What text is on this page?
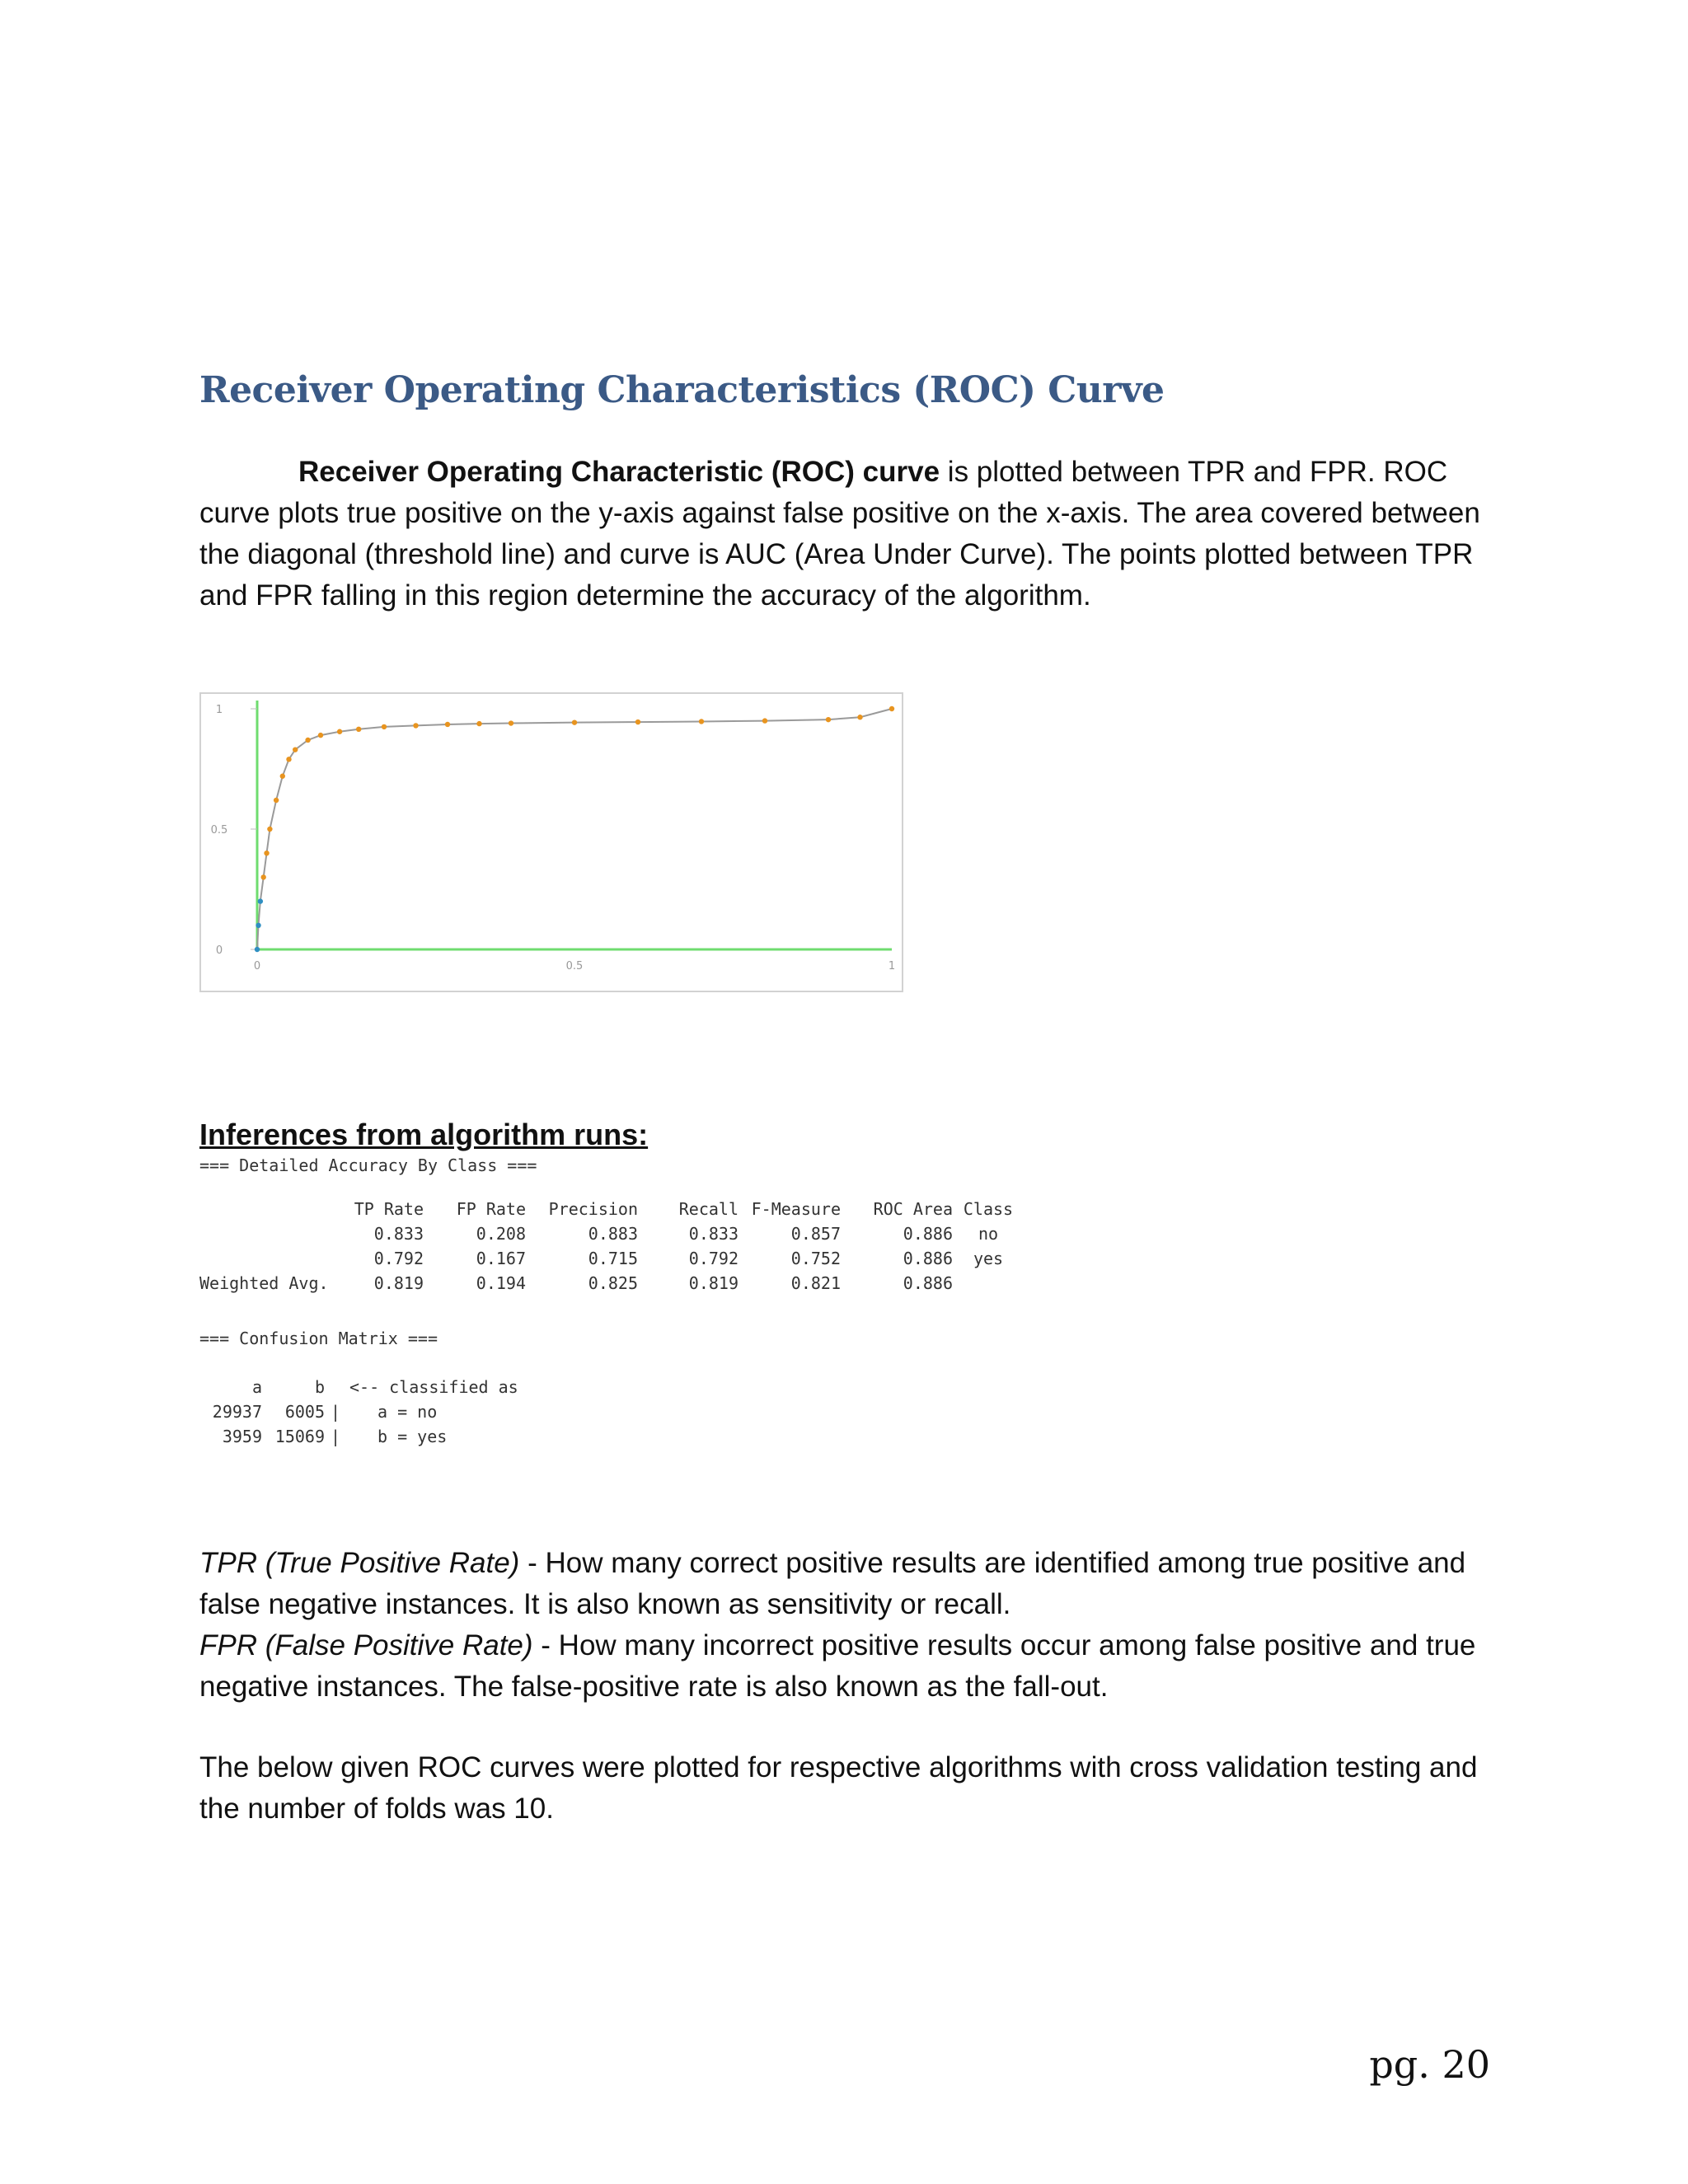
Receiver Operating Characteristics (ROC) Curve

Receiver Operating Characteristic (ROC) curve is plotted between TPR and FPR. ROC curve plots true positive on the y-axis against false positive on the x-axis. The area covered between the diagonal (threshold line) and curve is AUC (Area Under Curve). The points plotted between TPR and FPR falling in this region determine the accuracy of the algorithm.

0	0.5	1
0
0.5
1
Inferences from algorithm runs:

=== Detailed Accuracy By Class ===

	TP Rate	FP Rate	Precision	Recall	F-Measure	ROC Area	Class
	0.833	0.208	0.883	0.833	0.857	0.886	no
	0.792	0.167	0.715	0.792	0.752	0.886	yes
Weighted Avg.	0.819	0.194	0.825	0.819	0.821	0.886	

=== Confusion Matrix ===

a	b		<-- classified as
29937	6005	|	a = no
3959	15069	|	b = yes

TPR (True Positive Rate) - How many correct positive results are identified among true positive and false negative instances. It is also known as sensitivity or recall.
FPR (False Positive Rate) - How many incorrect positive results occur among false positive and true negative instances. The false-positive rate is also known as the fall-out.

The below given ROC curves were plotted for respective algorithms with cross validation testing and the number of folds was 10.

pg. 20
